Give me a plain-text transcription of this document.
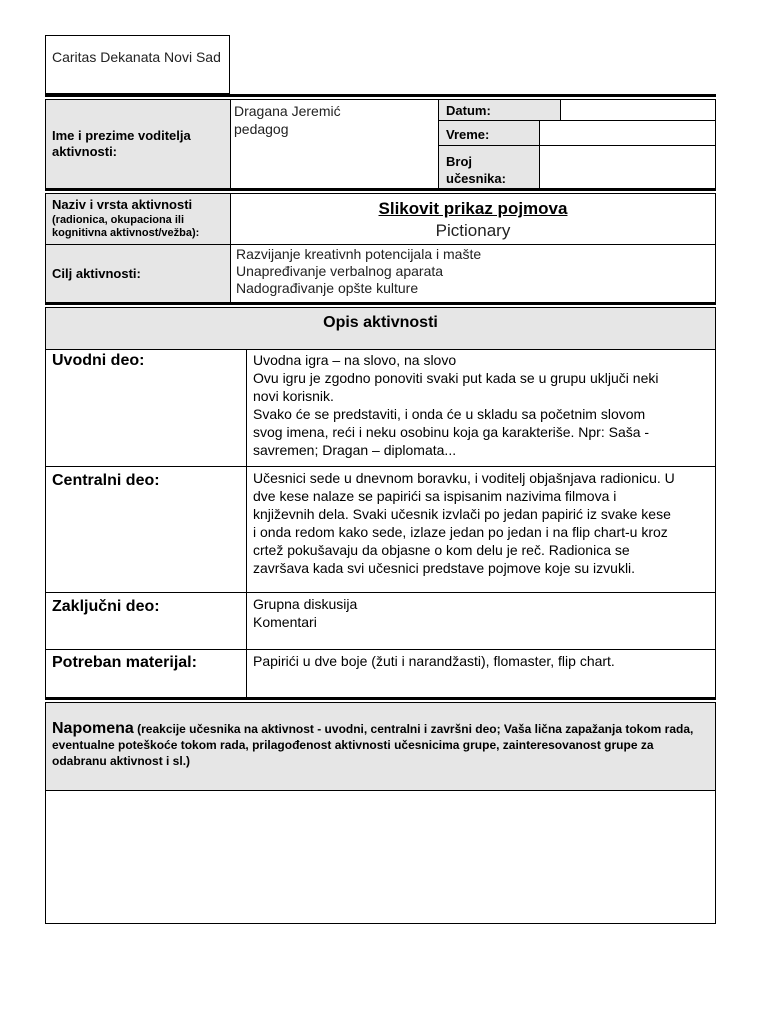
Caritas Dekanata Novi Sad
Ime i prezime voditelja aktivnosti:
Dragana Jeremić
pedagog
Datum:
Vreme:
Broj
učesnika:
Naziv i vrsta aktivnosti
(radionica, okupaciona ili kognitivna aktivnost/vežba):
Slikovit prikaz pojmova
Pictionary
Cilj aktivnosti:
Razvijanje kreativnh potencijala i mašte
Unapređivanje verbalnog aparata
Nadograđivanje opšte kulture
Opis aktivnosti
Uvodni deo:	Uvodna igra – na slovo, na slovo
Ovu igru je zgodno ponoviti svaki put kada se u grupu uključi neki
novi korisnik.
Svako će se predstaviti, i onda će u skladu sa početnim slovom
svog imena, reći i neku osobinu koja ga karakteriše. Npr: Saša -
savremen; Dragan – diplomata...
Centralni deo:	Učesnici sede u dnevnom boravku, i voditelj objašnjava radionicu. U
dve kese nalaze se papirići sa ispisanim nazivima filmova i
književnih dela. Svaki učesnik izvlači po jedan papirić iz svake kese
i onda redom kako sede, izlaze jedan po jedan i na flip chart-u kroz
crtež pokušavaju da objasne o kom delu je reč. Radionica se
završava kada svi učesnici predstave pojmove koje su izvukli.
Zaključni deo:	Grupna diskusija
Komentari
Potreban materijal:	Papirići u dve boje (žuti i narandžasti), flomaster, flip chart.
Napomena (reakcije učesnika na aktivnost - uvodni, centralni i završni deo; Vaša lična zapažanja tokom rada, eventualne poteškoće tokom rada, prilagođenost aktivnosti učesnicima grupe, zainteresovanost grupe za odabranu aktivnost i sl.)
